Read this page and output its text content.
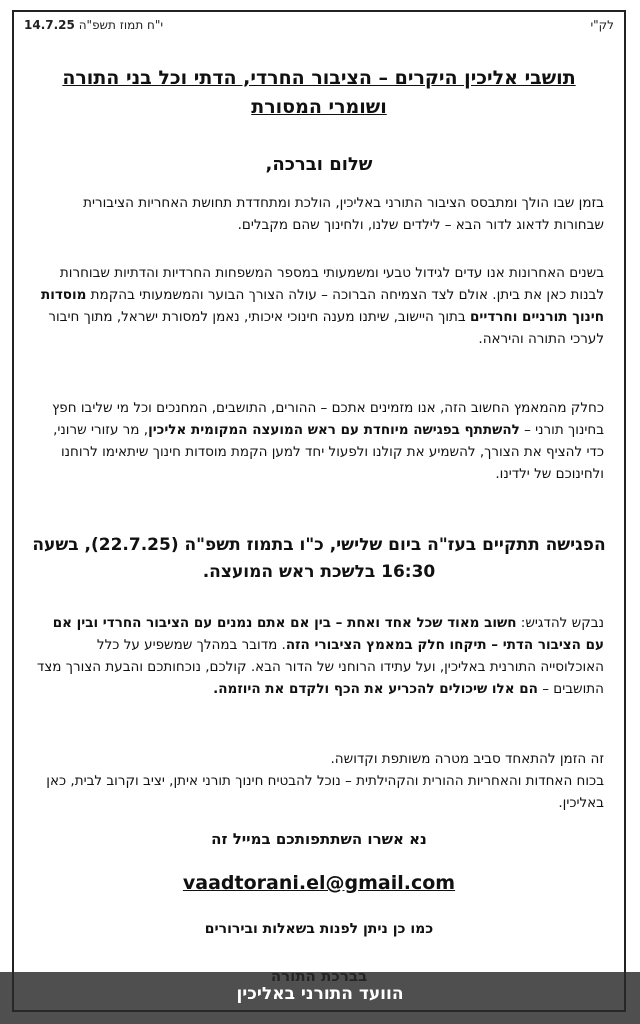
לק"י
י"ח תמוז תשפ"ה 14.7.25
תושבי אליכין היקרים – הציבור החרדי, הדתי וכל בני התורה ושומרי המסורת
שלום וברכה,
בזמן שבו הולך ומתבסס הציבור התורני באליכין, הולכת ומתחדדת תחושת האחריות הציבורית שבחורות לדאוג לדור הבא – לילדים שלנו, ולחינוך שהם מקבלים.
בשנים האחרונות אנו עדים לגידול טבעי ומשמעותי במספר המשפחות החרדיות והדתיות שבוחרות לבנות כאן את ביתן. אולם לצד הצמיחה הברוכה – עולה הצורך הבוער והמשמעותי בהקמת מוסדות חינוך תורניים וחרדיים בתוך היישוב, שיתנו מענה חינוכי איכותי, נאמן למסורת ישראל, מתוך חיבור לערכי התורה והיראה.
כחלק מהמאמץ החשוב הזה, אנו מזמינים אתכם – ההורים, התושבים, המחנכים וכל מי שליבו חפץ בחינוך תורני – להשתתף בפגישה מיוחדת עם ראש המועצה המקומית אליכין, מר עזורי שרוני, כדי להציף את הצורך, להשמיע את קולנו ולפעול יחד למען הקמת מוסדות חינוך שיתאימו לרוחנו ולחינוכם של ילדינו.
הפגישה תתקיים בעז"ה ביום שלישי, כ"ו בתמוז תשפ"ה (22.7.25), בשעה 16:30 בלשכת ראש המועצה.
נבקש להדגיש: חשוב מאוד שכל אחד ואחת – בין אם אתם נמנים עם הציבור החרדי ובין אם עם הציבור הדתי – תיקחו חלק במאמץ הציבורי הזה. מדובר במהלך שמשפיע על כלל האוכלוסייה התורנית באליכין, ועל עתידו הרוחני של הדור הבא. קולכם, נוכחותכם והבעת הצורך מצד התושבים – הם אלו שיכולים להכריע את הכף ולקדם את היוזמה.
זה הזמן להתאחד סביב מטרה משותפת וקדושה.
בכוח האחדות והאחריות ההורית והקהילתית – נוכל להבטיח חינוך תורני איתן, יציב וקרוב לבית, כאן באליכין.
נא אשרו השתתפותכם במייל זה
vaadtorani.el@gmail.com
כמו כן ניתן לפנות בשאלות ובירורים
הוועד התורני באליכין
